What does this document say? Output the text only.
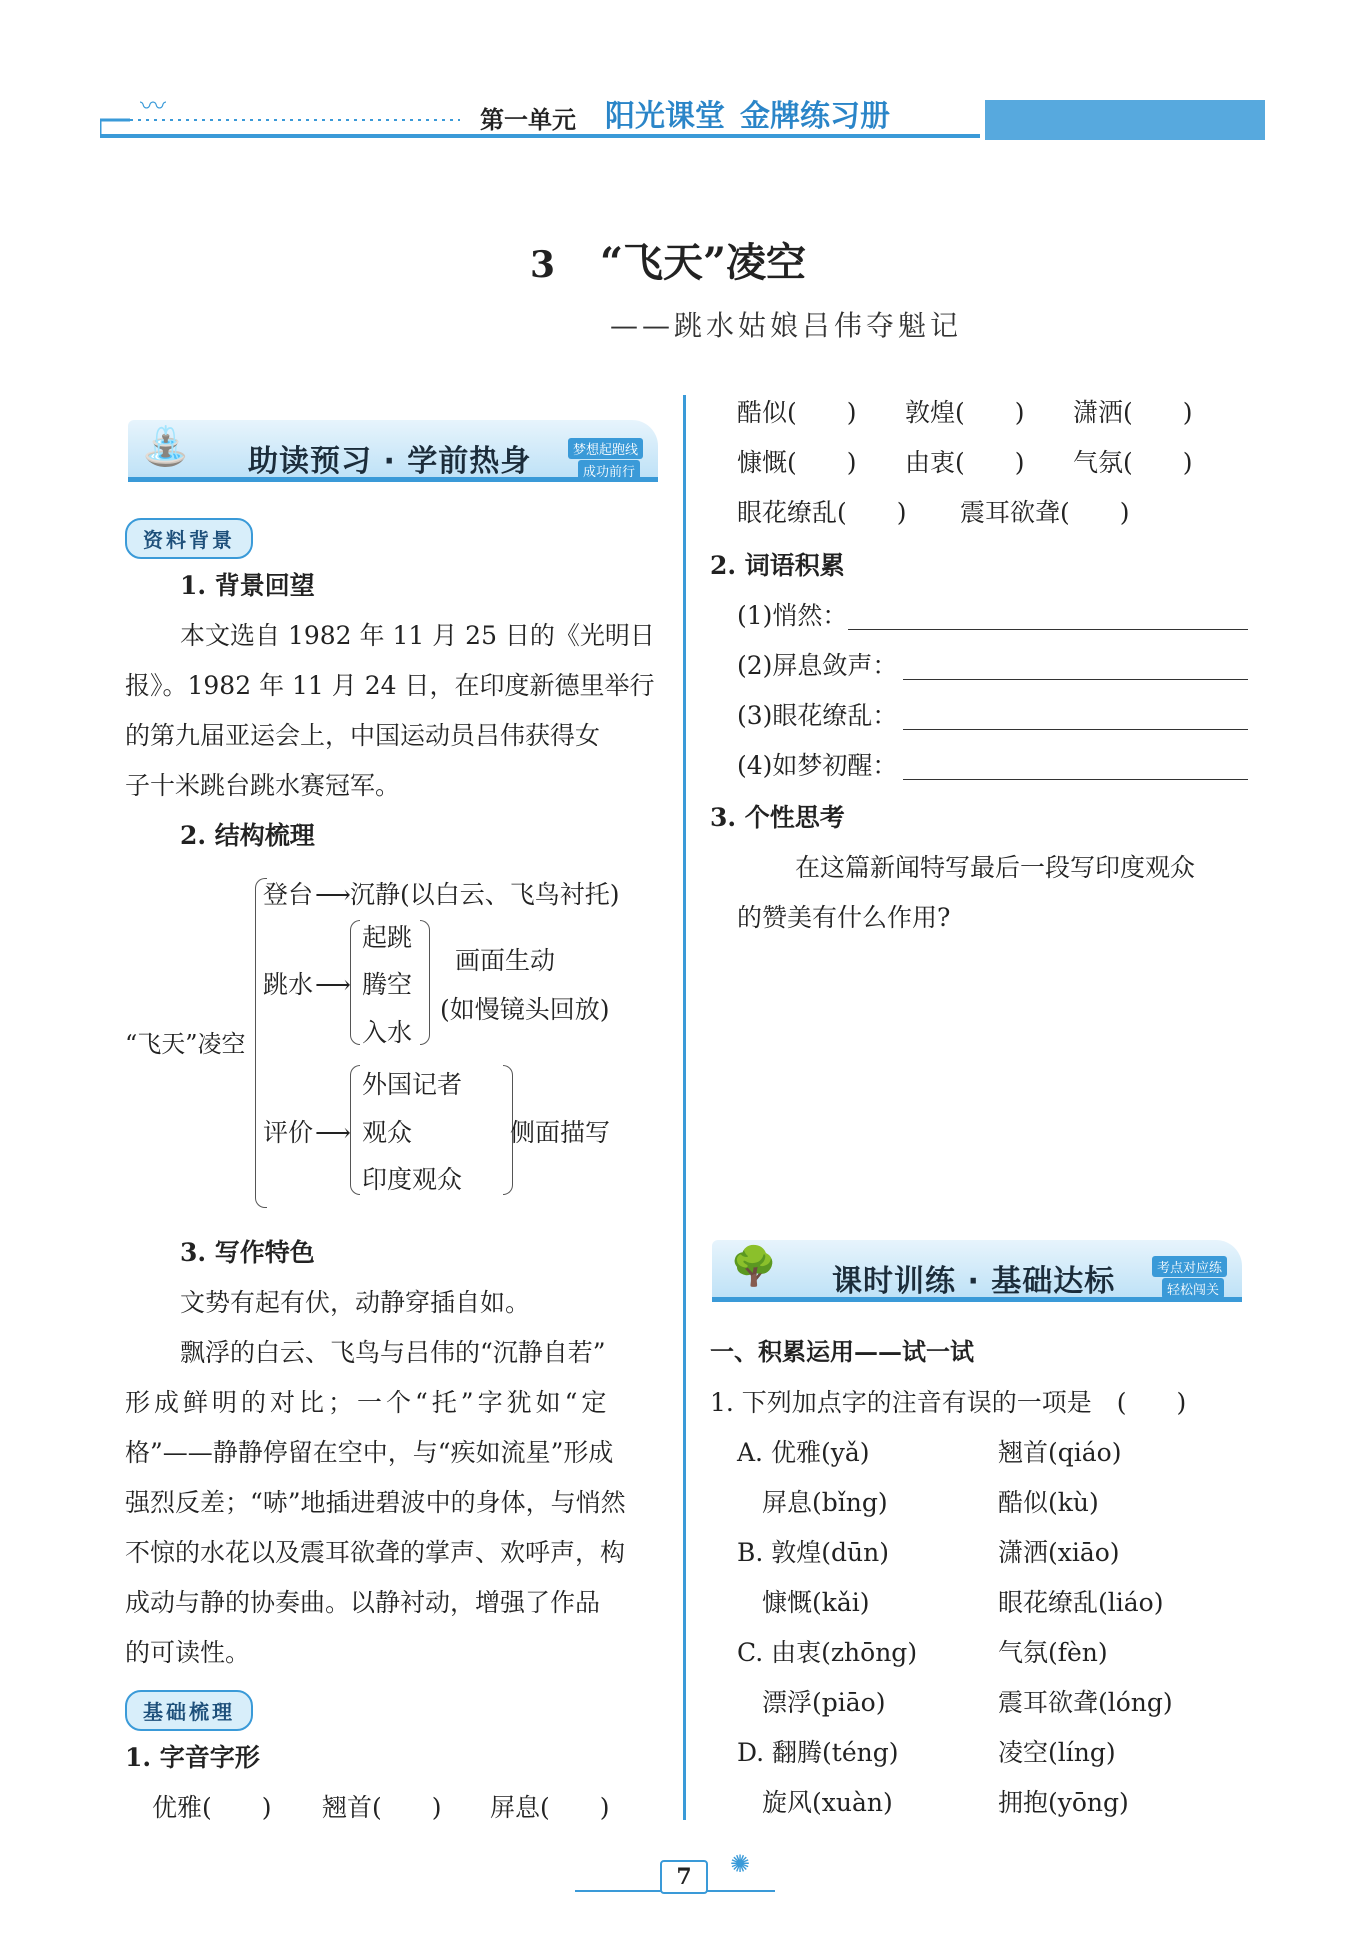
〰	第一单元 阳光课堂 金牌练习册
3 “飞天”凌空
——跳水姑娘吕伟夺魁记
⛲ 助读预习 · 学前热身	梦想起跑线
成功前行
资料背景
1. 背景回望
本文选自 1982 年 11 月 25 日的《光明日
报》。1982 年 11 月 24 日，在印度新德里举行
的第九届亚运会上，中国运动员吕伟获得女
子十米跳台跳水赛冠军。
2. 结构梳理
“飞天”凌空
登台 ⟶ 沉静(以白云、飞鸟衬托)
跳水 ⟶
起跳
腾空
入水
画面生动
(如慢镜头回放)
评价 ⟶
外国记者
观众
印度观众
侧面描写
3. 写作特色
文势有起有伏，动静穿插自如。
飘浮的白云、飞鸟与吕伟的“沉静自若”
形成鲜明的对比；一个“托”字犹如“定
格”——静静停留在空中，与“疾如流星”形成
强烈反差；“哧”地插进碧波中的身体，与悄然
不惊的水花以及震耳欲聋的掌声、欢呼声，构
成动与静的协奏曲。以静衬动，增强了作品
的可读性。
基础梳理
1. 字音字形
优雅(　　) 翘首(　　) 屏息(　　)
酷似(　　) 敦煌(　　) 潇洒(　　)
慷慨(　　) 由衷(　　) 气氛(　　)
眼花缭乱(　　) 震耳欲聋(　　)
2. 词语积累
(1)悄然：
(2)屏息敛声：
(3)眼花缭乱：
(4)如梦初醒：
3. 个性思考
在这篇新闻特写最后一段写印度观众
的赞美有什么作用?
🌳 课时训练 · 基础达标	考点对应练
轻松闯关
一、积累运用——试一试
1. 下列加点字的注音有误的一项是　(　　)
A. 优雅(yǎ)	翘首(qiáo)
　屏息(bǐng)	酷似(kù)
B. 敦煌(dūn)	潇洒(xiāo)
　慷慨(kǎi)	眼花缭乱(liáo)
C. 由衷(zhōng)	气氛(fèn)
　漂浮(piāo)	震耳欲聋(lóng)
D. 翻腾(téng)	凌空(líng)
　旋风(xuàn)	拥抱(yōng)
7	✺
